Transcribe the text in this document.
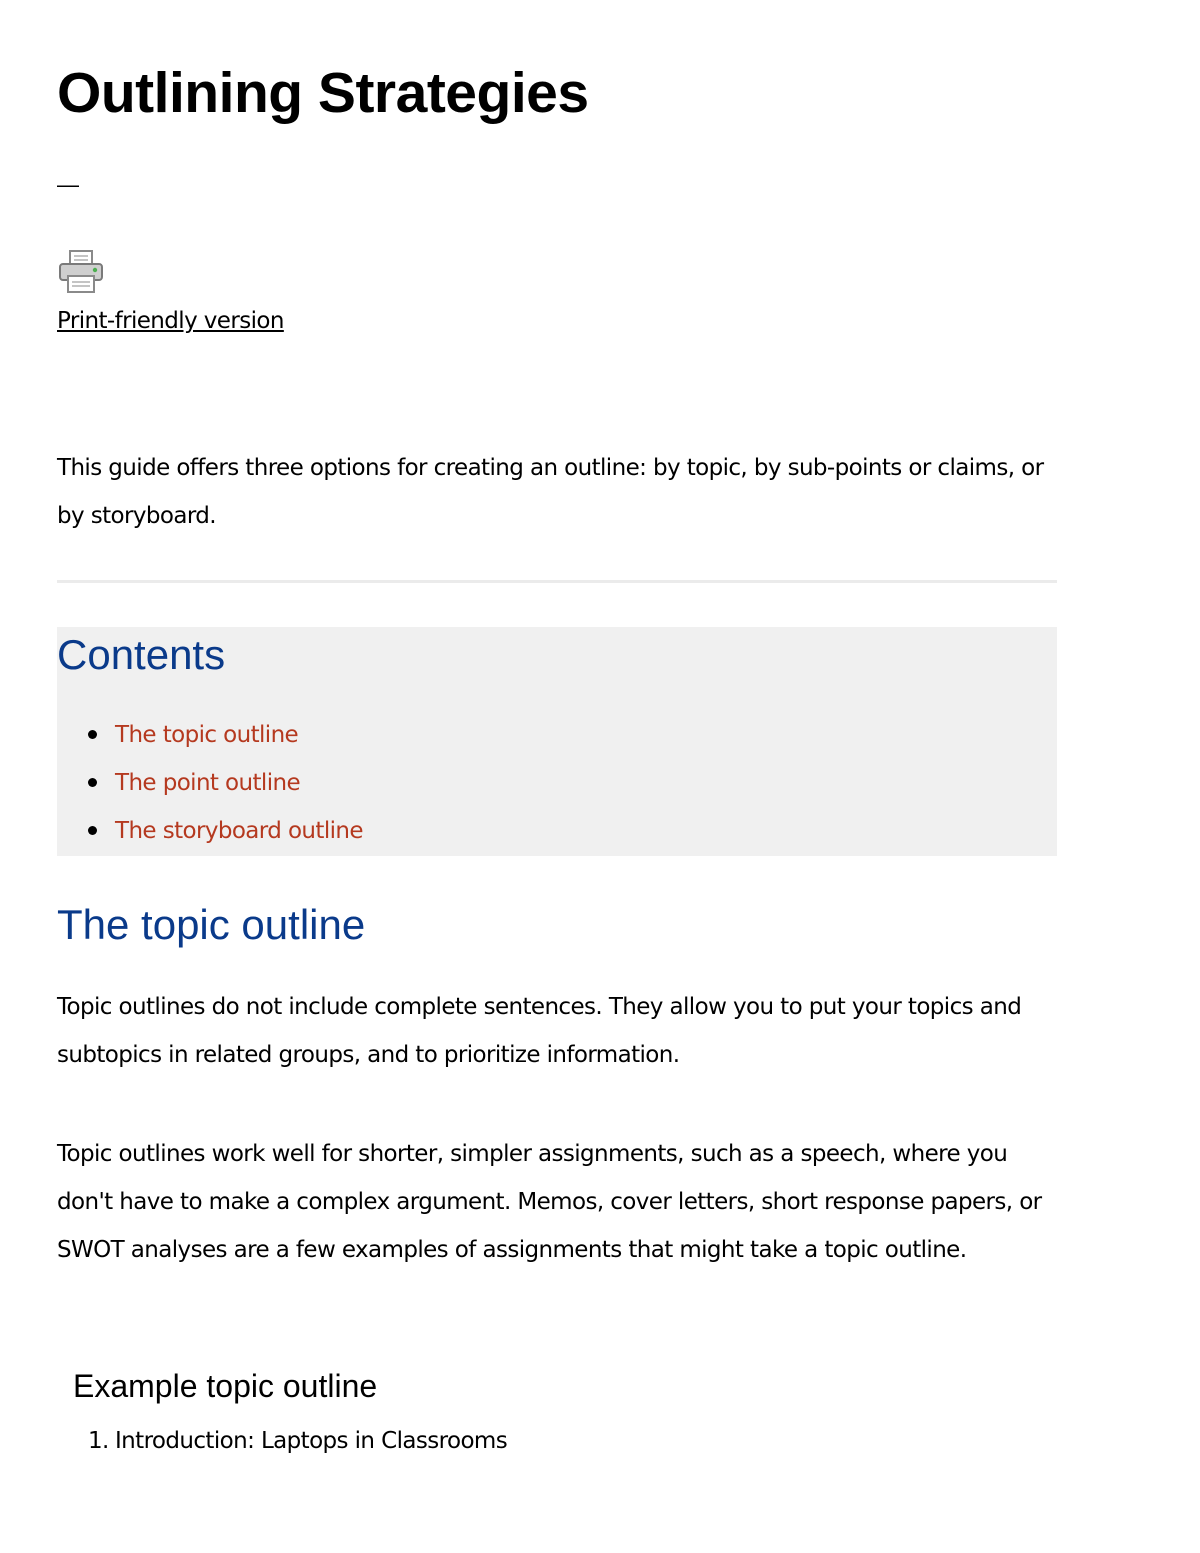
Outlining Strategies
—
Print-friendly version

This guide offers three options for creating an outline: by topic, by sub-points or claims, or by storyboard.

Contents
The topic outline
The point outline
The storyboard outline
The topic outline

Topic outlines do not include complete sentences. They allow you to put your topics and subtopics in related groups, and to prioritize information.

Topic outlines work well for shorter, simpler assignments, such as a speech, where you don't have to make a complex argument. Memos, cover letters, short response papers, or SWOT analyses are a few examples of assignments that might take a topic outline.

Example topic outline
1. Introduction: Laptops in Classrooms
